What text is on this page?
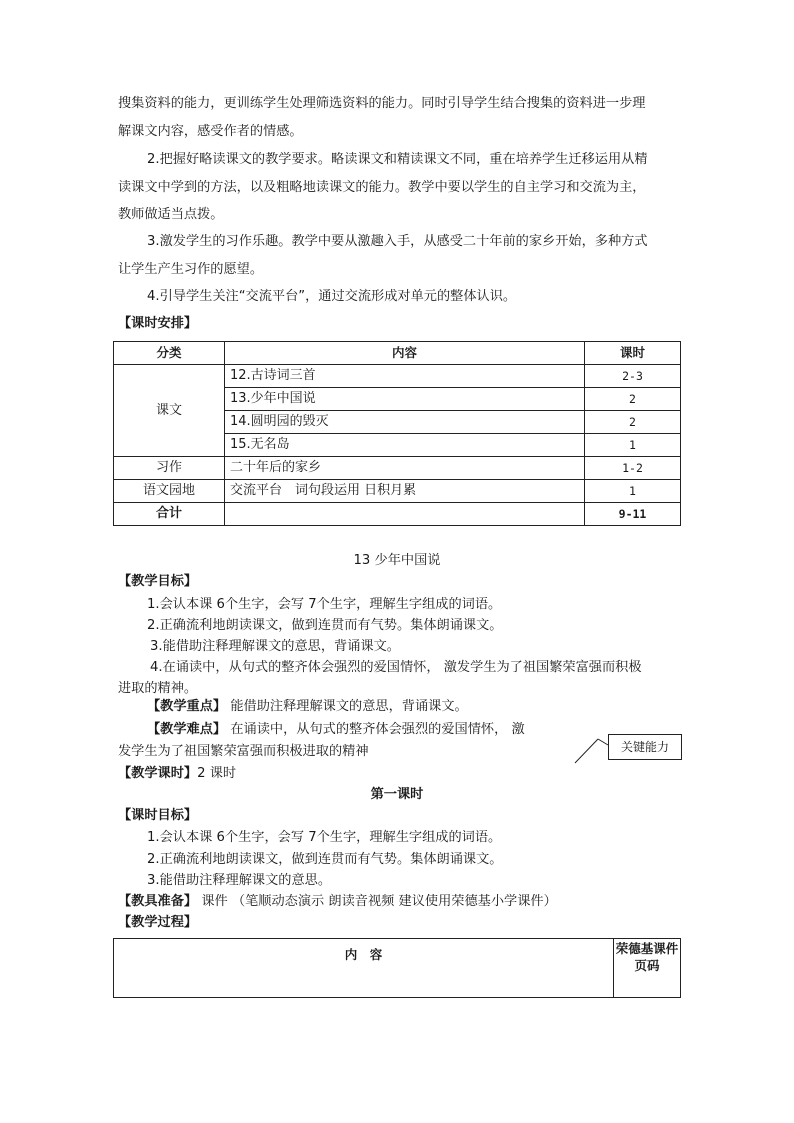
搜集资料的能力，更训练学生处理筛选资料的能力。同时引导学生结合搜集的资料进一步理
解课文内容，感受作者的情感。
2.把握好略读课文的教学要求。略读课文和精读课文不同，重在培养学生迁移运用从精
读课文中学到的方法，以及粗略地读课文的能力。教学中要以学生的自主学习和交流为主，
教师做适当点拨。
3.激发学生的习作乐趣。教学中要从激趣入手，从感受二十年前的家乡开始，多种方式
让学生产生习作的愿望。
4.引导学生关注“交流平台”，通过交流形成对单元的整体认识。
【课时安排】
分类	内容	课时
课文	12.古诗词三首	2-3
	13.少年中国说	2
	14.圆明园的毁灭	2
	15.无名岛	1
习作	二十年后的家乡	1-2
语文园地	交流平台　词句段运用 日积月累	1
合计		9-11
13 少年中国说
【教学目标】
1.会认本课 6个生字，会写 7个生字，理解生字组成的词语。
2.正确流利地朗读课文，做到连贯而有气势。集体朗诵课文。
3.能借助注释理解课文的意思，背诵课文。
4.在诵读中，从句式的整齐体会强烈的爱国情怀， 激发学生为了祖国繁荣富强而积极
进取的精神。
【教学重点】 能借助注释理解课文的意思，背诵课文。
【教学难点】 在诵读中，从句式的整齐体会强烈的爱国情怀， 激
发学生为了祖国繁荣富强而积极进取的精神	关键能力
【教学课时】2 课时
第一课时
【课时目标】
1.会认本课 6个生字，会写 7个生字，理解生字组成的词语。
2.正确流利地朗读课文，做到连贯而有气势。集体朗诵课文。
3.能借助注释理解课文的意思。
【教具准备】 课件 （笔顺动态演示 朗读音视频 建议使用荣德基小学课件）
【教学过程】
内　容	荣德基课件页码
